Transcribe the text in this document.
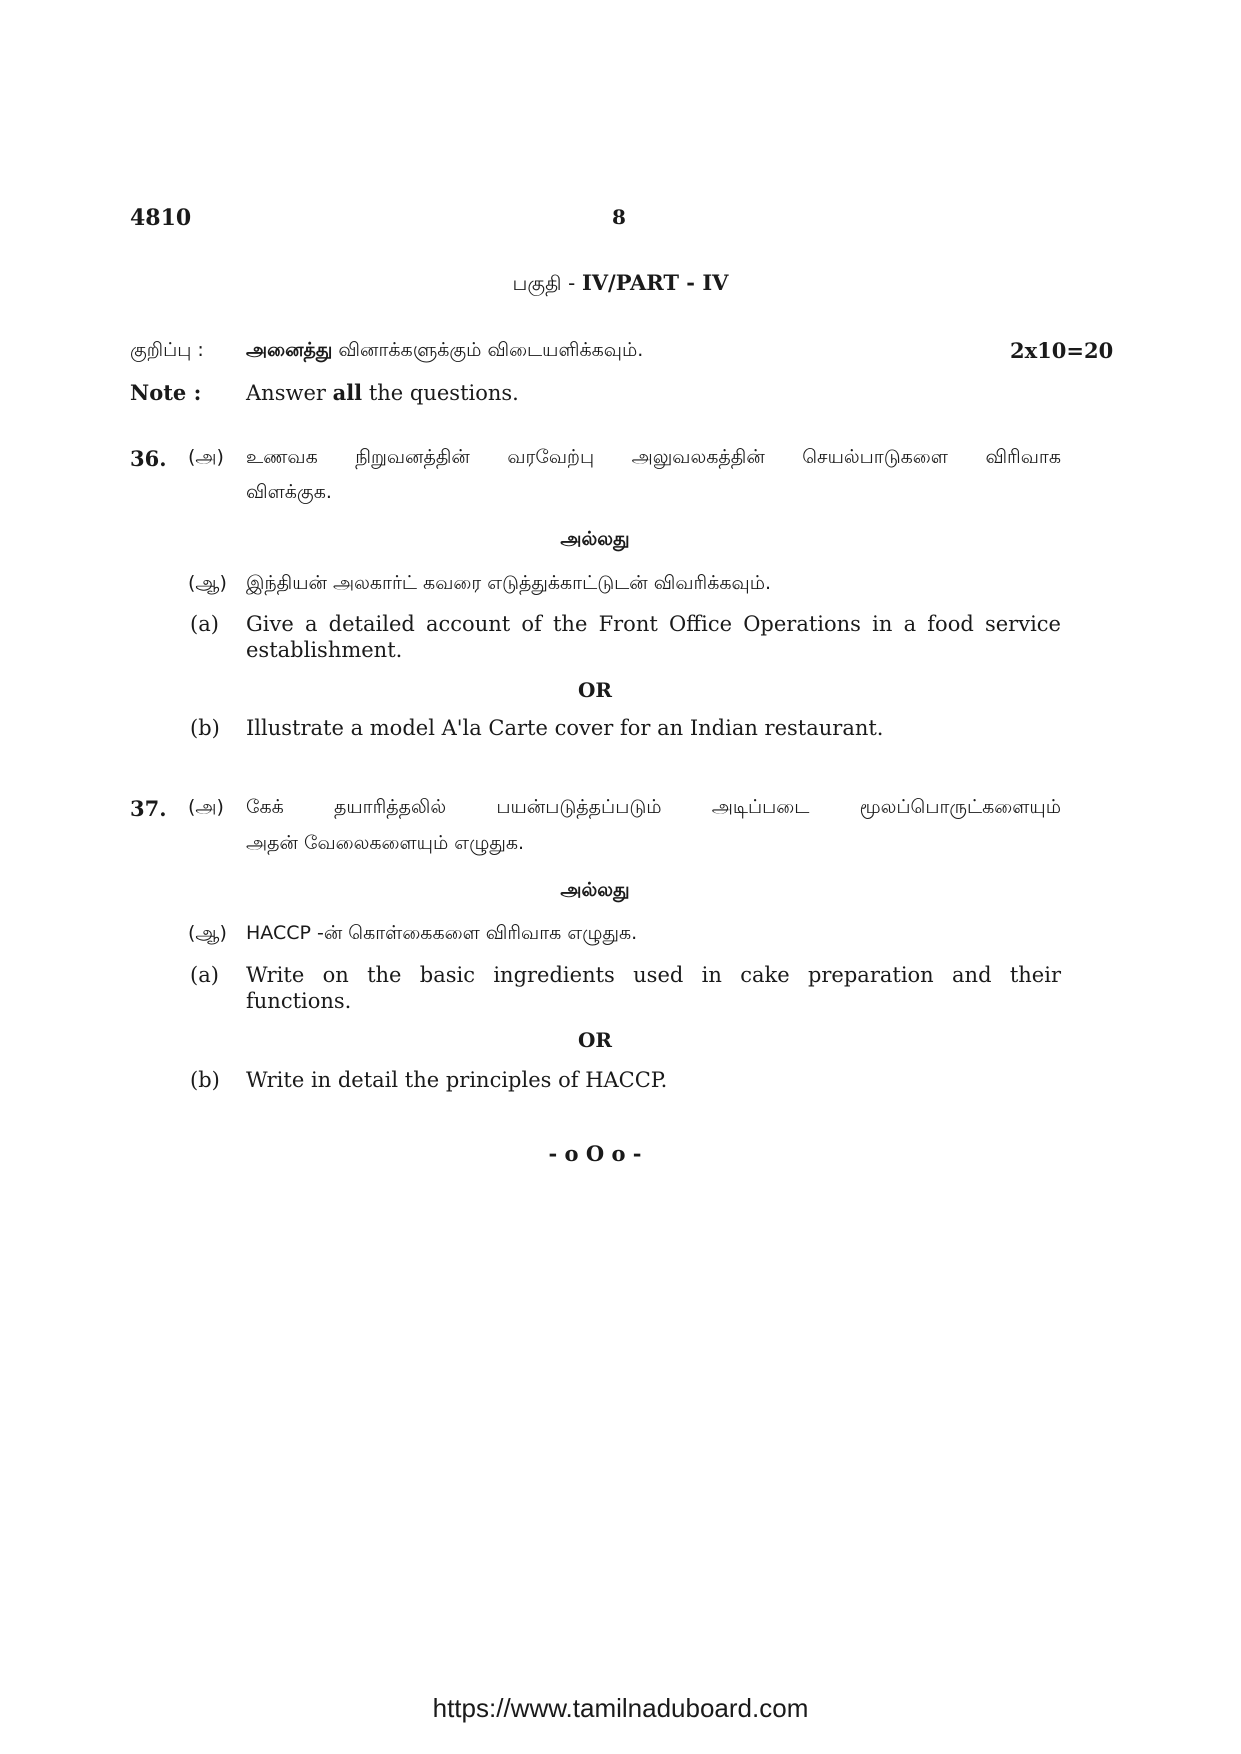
4810	8
பகுதி - IV/PART - IV
குறிப்பு : அனைத்து வினாக்களுக்கும் விடையளிக்கவும்.	2x10=20
Note : Answer all the questions.
36. (அ) உணவக நிறுவனத்தின் வரவேற்பு அலுவலகத்தின் செயல்பாடுகளை விரிவாக
விளக்குக.
அல்லது
(ஆ) இந்தியன் அலகார்ட் கவரை எடுத்துக்காட்டுடன் விவரிக்கவும்.
(a) Give a detailed account of the Front Office Operations in a food service
establishment.
OR
(b) Illustrate a model A'la Carte cover for an Indian restaurant.
37. (அ) கேக் தயாரித்தலில் பயன்படுத்தப்படும் அடிப்படை மூலப்பொருட்களையும்
அதன் வேலைகளையும் எழுதுக.
அல்லது
(ஆ) HACCP -ன் கொள்கைகளை விரிவாக எழுதுக.
(a) Write on the basic ingredients used in cake preparation and their
functions.
OR
(b) Write in detail the principles of HACCP.
- o O o -
https://www.tamilnaduboard.com
